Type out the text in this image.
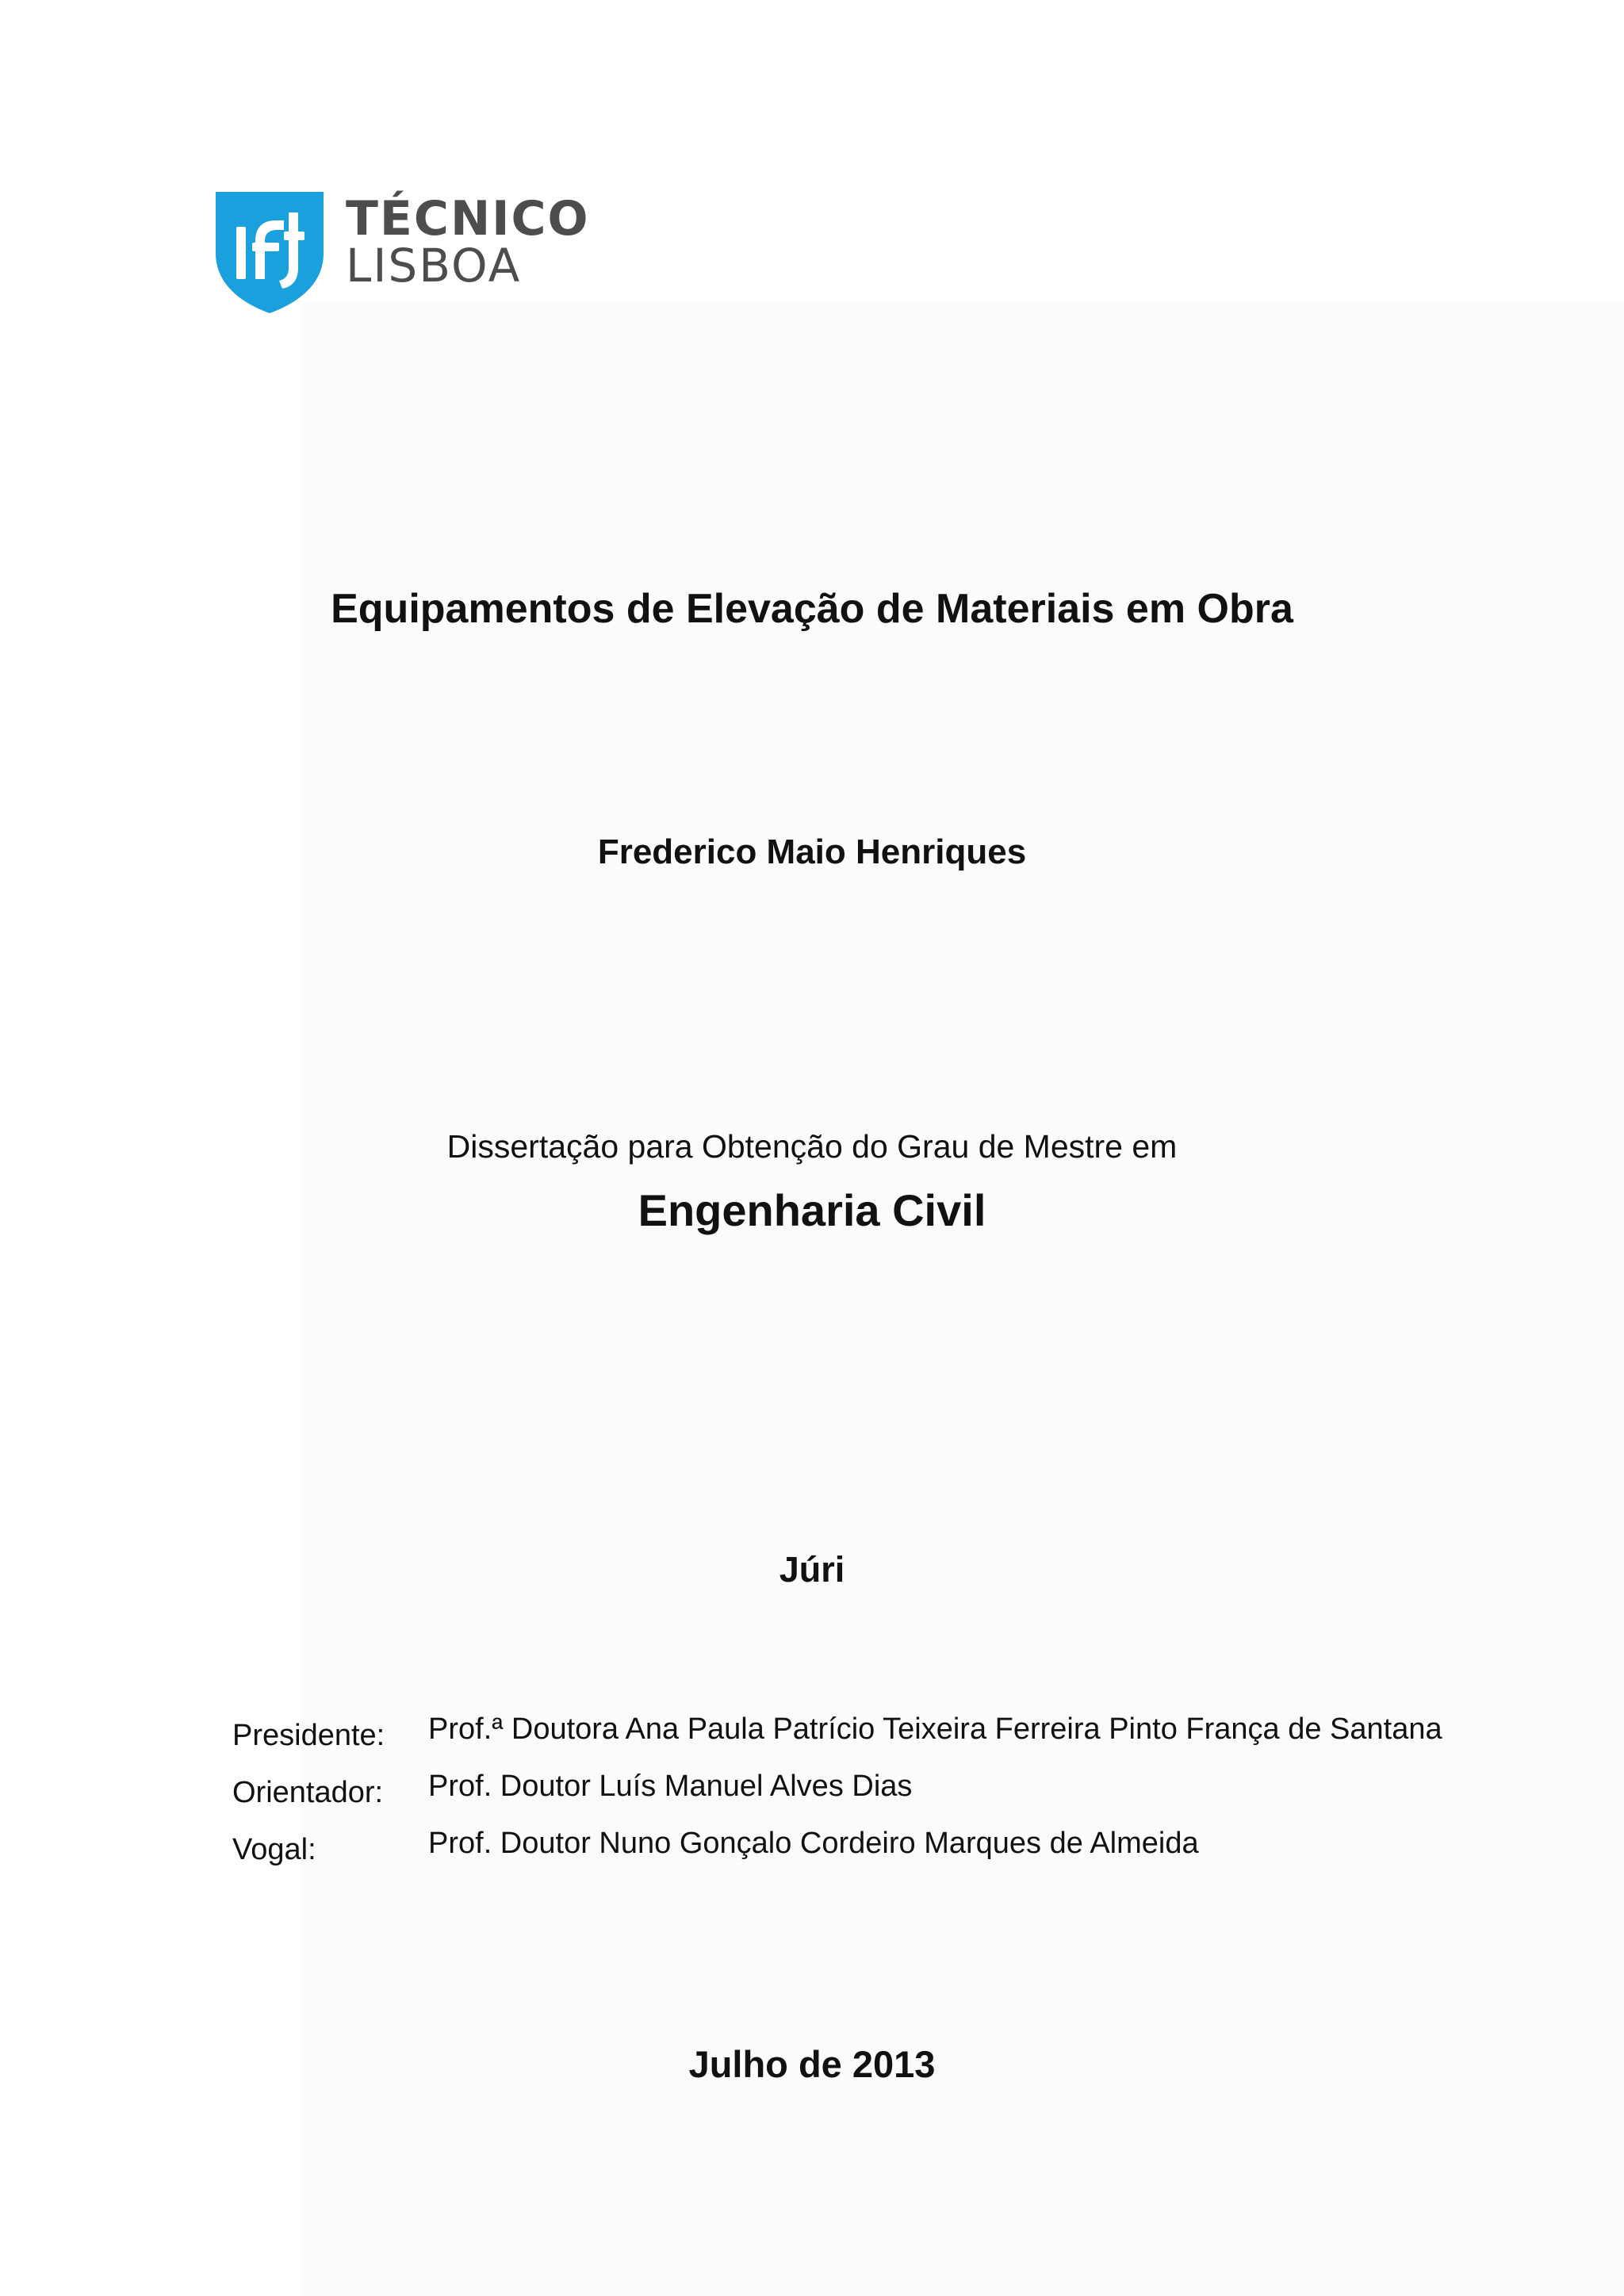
TÉCNICO
LISBOA
Equipamentos de Elevação de Materiais em Obra
Frederico Maio Henriques
Dissertação para Obtenção do Grau de Mestre em
Engenharia Civil
Júri
Presidente: Prof.ª Doutora Ana Paula Patrício Teixeira Ferreira Pinto França de Santana
Orientador: Prof. Doutor Luís Manuel Alves Dias
Vogal:	Prof. Doutor Nuno Gonçalo Cordeiro Marques de Almeida
Julho de 2013
